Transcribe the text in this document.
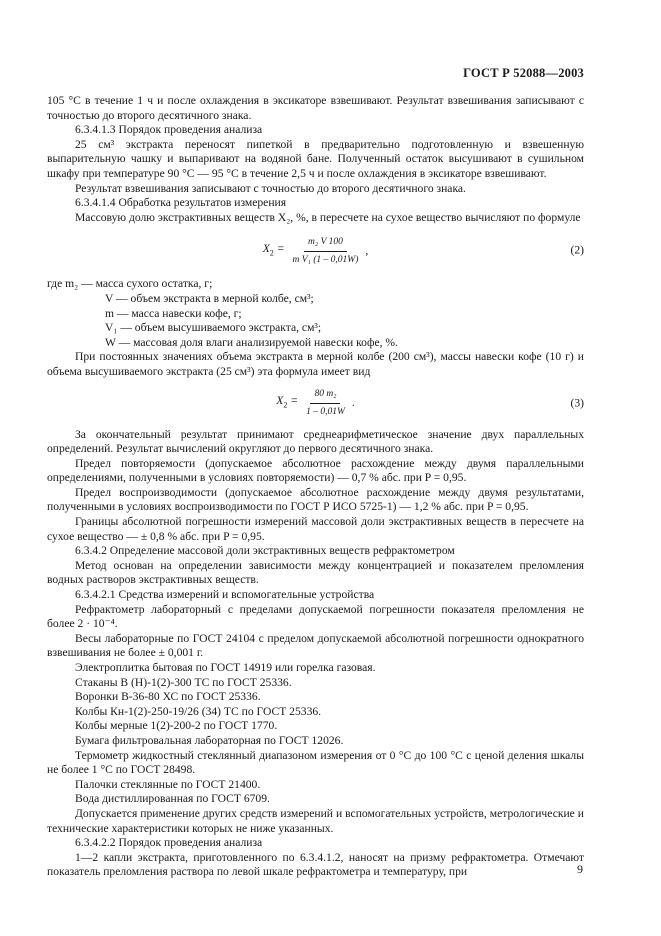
ГОСТ Р 52088—2003

105 °С в течение 1 ч и после охлаждения в эксикаторе взвешивают. Результат взвешивания записывают с точностью до второго десятичного знака.

6.3.4.1.3 Порядок проведения анализа

25 см³ экстракта переносят пипеткой в предварительно подготовленную и взвешенную выпарительную чашку и выпаривают на водяной бане. Полученный остаток высушивают в сушильном шкафу при температуре 90 °С — 95 °С в течение 2,5 ч и после охлаждения в эксикаторе взвешивают.

Результат взвешивания записывают с точностью до второго десятичного знака.

6.3.4.1.4 Обработка результатов измерения

Массовую долю экстрактивных веществ X₂, %, в пересчете на сухое вещество вычисляют по формуле

$X_2 = \frac{\text{m₂ V 100}}{\text{m V₁ (1 – 0,01W)}}$ ,	(2)

где m₂ — масса сухого остатка, г;

V — объем экстракта в мерной колбе, см³;

m — масса навески кофе, г;

V₁ — объем высушиваемого экстракта, см³;

W — массовая доля влаги анализируемой навески кофе, %.

При постоянных значениях объема экстракта в мерной колбе (200 см³), массы навески кофе (10 г) и объема высушиваемого экстракта (25 см³) эта формула имеет вид

$X_2 = \frac{\text{80 m₂}}{1 - 0,01W}$ .	(3)

За окончательный результат принимают среднеарифметическое значение двух параллельных определений. Результат вычислений округляют до первого десятичного знака.

Предел повторяемости (допускаемое абсолютное расхождение между двумя параллельными определениями, полученными в условиях повторяемости) — 0,7 % абс. при P = 0,95.

Предел воспроизводимости (допускаемое абсолютное расхождение между двумя результатами, полученными в условиях воспроизводимости по ГОСТ Р ИСО 5725-1) — 1,2 % абс. при P = 0,95.

Границы абсолютной погрешности измерений массовой доли экстрактивных веществ в пересчете на сухое вещество — ± 0,8 % абс. при P = 0,95.

6.3.4.2 Определение массовой доли экстрактивных веществ рефрактометром

Метод основан на определении зависимости между концентрацией и показателем преломления водных растворов экстрактивных веществ.

6.3.4.2.1 Средства измерений и вспомогательные устройства

Рефрактометр лабораторный с пределами допускаемой погрешности показателя преломления не более 2 · 10⁻⁴.

Весы лабораторные по ГОСТ 24104 с пределом допускаемой абсолютной погрешности однократного взвешивания не более ± 0,001 г.

Электроплитка бытовая по ГОСТ 14919 или горелка газовая.

Стаканы В (Н)-1(2)-300 ТС по ГОСТ 25336.

Воронки В-36-80 ХС по ГОСТ 25336.

Колбы Кн-1(2)-250-19/26 (34) ТС по ГОСТ 25336.

Колбы мерные 1(2)-200-2 по ГОСТ 1770.

Бумага фильтровальная лабораторная по ГОСТ 12026.

Термометр жидкостный стеклянный диапазоном измерения от 0 °С до 100 °С с ценой деления шкалы не более 1 °С по ГОСТ 28498.

Палочки стеклянные по ГОСТ 21400.

Вода дистиллированная по ГОСТ 6709.

Допускается применение других средств измерений и вспомогательных устройств, метрологические и технические характеристики которых не ниже указанных.

6.3.4.2.2 Порядок проведения анализа

1—2 капли экстракта, приготовленного по 6.3.4.1.2, наносят на призму рефрактометра. Отмечают показатель преломления раствора по левой шкале рефрактометра и температуру, при	9
